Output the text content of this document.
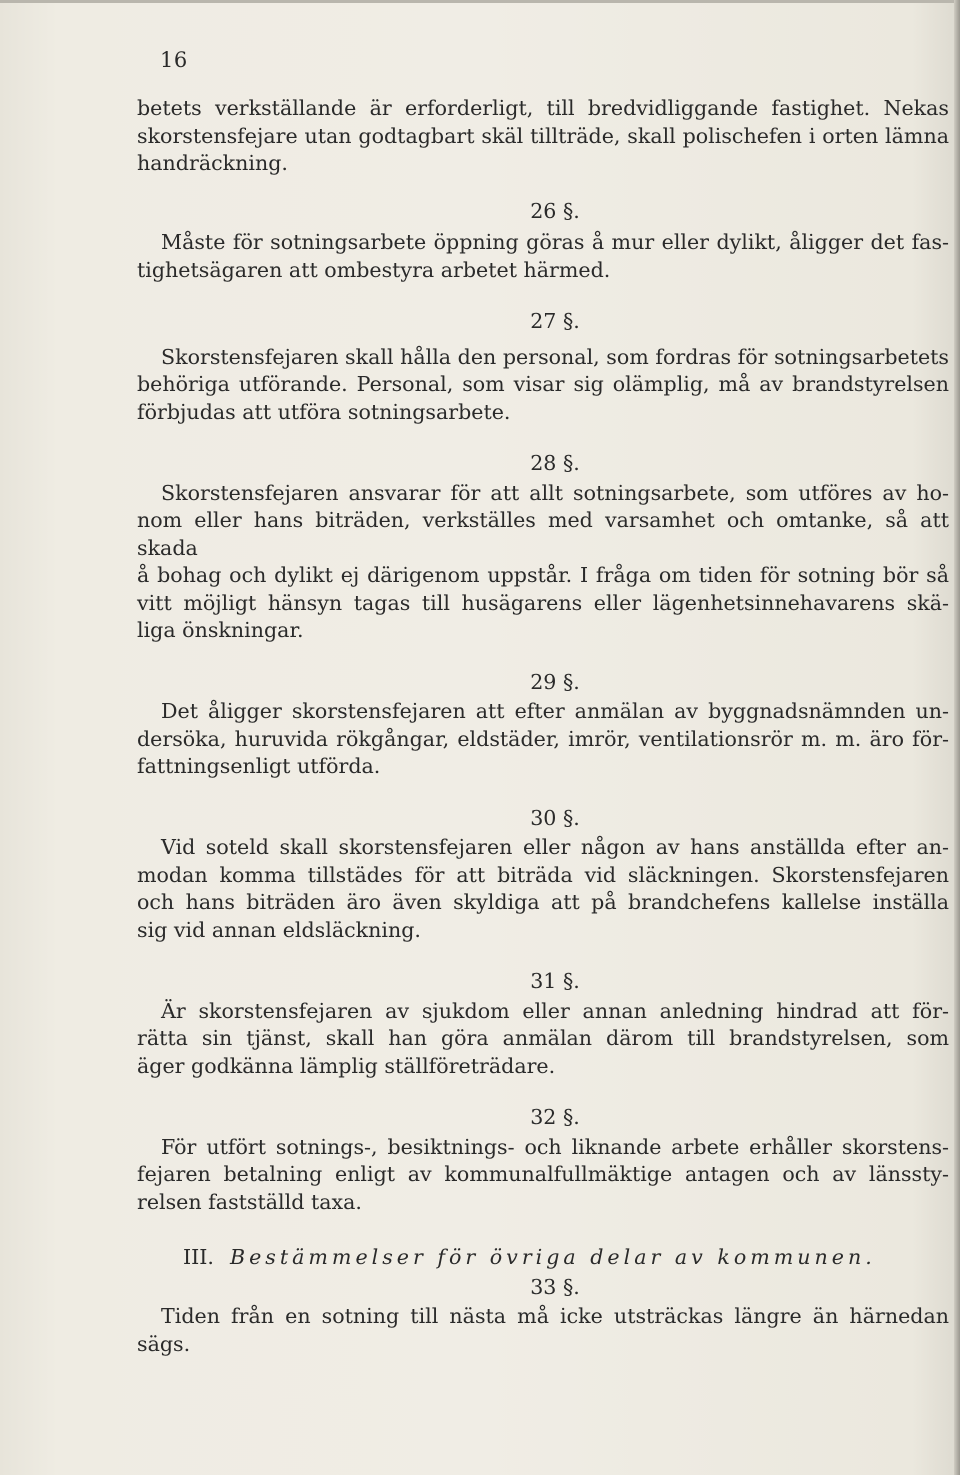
16
betets verkställande är erforderligt, till bredvidliggande fastighet. Nekas
skorstensfejare utan godtagbart skäl tillträde, skall polischefen i orten lämna
handräckning.
26 §.
Måste för sotningsarbete öppning göras å mur eller dylikt, åligger det fas-
tighetsägaren att ombestyra arbetet härmed.
27 §.
Skorstensfejaren skall hålla den personal, som fordras för sotningsarbetets
behöriga utförande. Personal, som visar sig olämplig, må av brandstyrelsen
förbjudas att utföra sotningsarbete.
28 §.
Skorstensfejaren ansvarar för att allt sotningsarbete, som utföres av ho-
nom eller hans biträden, verkställes med varsamhet och omtanke, så att skada
å bohag och dylikt ej därigenom uppstår. I fråga om tiden för sotning bör så
vitt möjligt hänsyn tagas till husägarens eller lägenhetsinnehavarens skä-
liga önskningar.
29 §.
Det åligger skorstensfejaren att efter anmälan av byggnadsnämnden un-
dersöka, huruvida rökgångar, eldstäder, imrör, ventilationsrör m. m. äro för-
fattningsenligt utförda.
30 §.
Vid soteld skall skorstensfejaren eller någon av hans anställda efter an-
modan komma tillstädes för att biträda vid släckningen. Skorstensfejaren
och hans biträden äro även skyldiga att på brandchefens kallelse inställa
sig vid annan eldsläckning.
31 §.
Är skorstensfejaren av sjukdom eller annan anledning hindrad att för-
rätta sin tjänst, skall han göra anmälan därom till brandstyrelsen, som
äger godkänna lämplig ställföreträdare.
32 §.
För utfört sotnings-, besiktnings- och liknande arbete erhåller skorstens-
fejaren betalning enligt av kommunalfullmäktige antagen och av länssty-
relsen fastställd taxa.
III. Bestämmelser för övriga delar av kommunen.
33 §.
Tiden från en sotning till nästa må icke utsträckas längre än härnedan
sägs.
